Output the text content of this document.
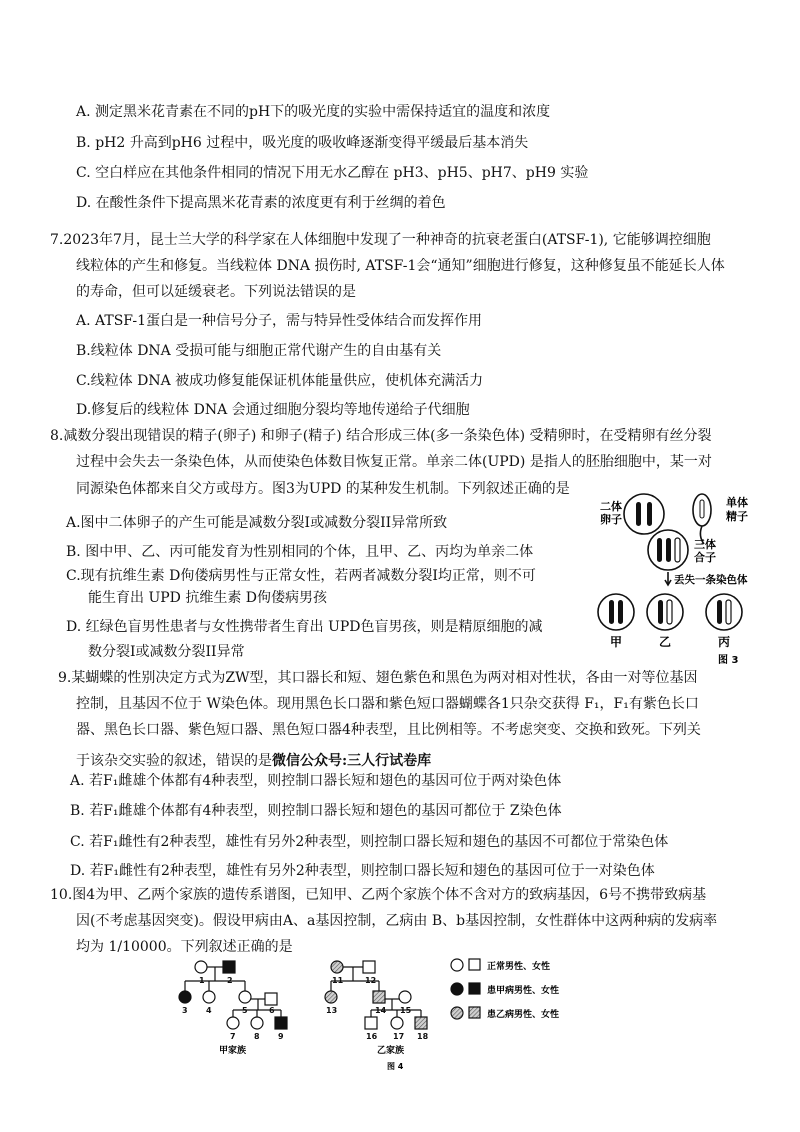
A. 测定黑米花青素在不同的pH下的吸光度的实验中需保持适宜的温度和浓度
B. pH2 升高到pH6 过程中，吸光度的吸收峰逐渐变得平缓最后基本消失
C. 空白样应在其他条件相同的情况下用无水乙醇在 pH3、pH5、pH7、pH9 实验
D. 在酸性条件下提高黑米花青素的浓度更有利于丝绸的着色
7.2023年7月，昆士兰大学的科学家在人体细胞中发现了一种神奇的抗衰老蛋白(ATSF-1), 它能够调控细胞
线粒体的产生和修复。当线粒体 DNA 损伤时, ATSF-1会“通知”细胞进行修复，这种修复虽不能延长人体
的寿命，但可以延缓衰老。下列说法错误的是
A. ATSF-1蛋白是一种信号分子，需与特异性受体结合而发挥作用
B.线粒体 DNA 受损可能与细胞正常代谢产生的自由基有关
C.线粒体 DNA 被成功修复能保证机体能量供应，使机体充满活力
D.修复后的线粒体 DNA 会通过细胞分裂均等地传递给子代细胞
8.减数分裂出现错误的精子(卵子) 和卵子(精子) 结合形成三体(多一条染色体) 受精卵时，在受精卵有丝分裂
过程中会失去一条染色体，从而使染色体数目恢复正常。单亲二体(UPD) 是指人的胚胎细胞中，某一对
同源染色体都来自父方或母方。图3为UPD 的某种发生机制。下列叙述正确的是
A.图中二体卵子的产生可能是减数分裂I或减数分裂II异常所致
B. 图中甲、乙、丙可能发育为性别相同的个体，且甲、乙、丙均为单亲二体
C.现有抗维生素 D佝偻病男性与正常女性，若两者减数分裂I均正常，则不可
能生育出 UPD 抗维生素 D佝偻病男孩
D. 红绿色盲男性患者与女性携带者生育出 UPD色盲男孩，则是精原细胞的减
数分裂I或减数分裂II异常
二体
卵子
单体
精子
三体
合子
丢失一条染色体
甲	乙	丙
图 3
9.某蝴蝶的性别决定方式为ZW型，其口器长和短、翅色紫色和黑色为两对相对性状，各由一对等位基因
控制，且基因不位于 W染色体。现用黑色长口器和紫色短口器蝴蝶各1只杂交获得 F₁，F₁有紫色长口
器、黑色长口器、紫色短口器、黑色短口器4种表型，且比例相等。不考虑突变、交换和致死。下列关
于该杂交实验的叙述，错误的是微信公众号:三人行试卷库
A. 若F₁雌雄个体都有4种表型，则控制口器长短和翅色的基因可位于两对染色体
B. 若F₁雌雄个体都有4种表型，则控制口器长短和翅色的基因可都位于 Z染色体
C. 若F₁雌性有2种表型，雄性有另外2种表型，则控制口器长短和翅色的基因不可都位于常染色体
D. 若F₁雌性有2种表型，雄性有另外2种表型，则控制口器长短和翅色的基因可位于一对染色体
10.图4为甲、乙两个家族的遗传系谱图，已知甲、乙两个家族个体不含对方的致病基因，6号不携带致病基
因(不考虑基因突变)。假设甲病由A、a基因控制，乙病由 B、b基因控制，女性群体中这两种病的发病率
均为 1/10000。下列叙述正确的是
1	2
3 4	5	6
7 8 9
11	12
13	14 15
16 17 18
正常男性、女性
患甲病男性、女性
患乙病男性、女性
甲家族	乙家族
图 4
